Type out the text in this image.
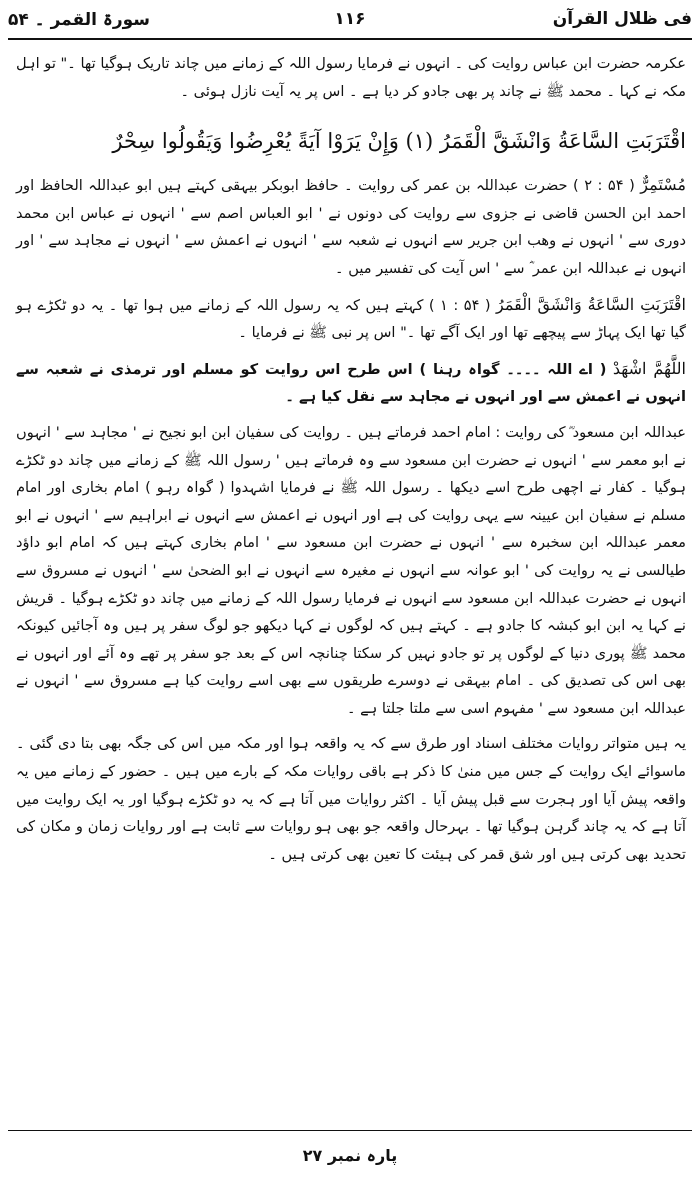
فی ظلال القرآن
۱۱۶
سورۃ القمر ۔ ۵۴

عکرمہ حضرت ابن عباس روایت کی ۔ انہوں نے فرمایا رسول اللہ کے زمانے میں چاند تاریک ہوگیا تھا ۔" تو اہل مکہ نے کہا ۔ محمد ﷺ نے چاند پر بھی جادو کر دیا ہے ۔ اس پر یہ آیت نازل ہوئی ۔

اقْتَرَبَتِ السَّاعَةُ وَانْشَقَّ الْقَمَرُ (۱) وَإِنْ يَرَوْا آيَةً يُعْرِضُوا وَيَقُولُوا سِحْرٌ

مُسْتَمِرٌّ ( ۵۴ : ۲ ) حضرت عبداللہ بن عمر کی روایت ۔ حافظ ابوبکر بیہقی کہتے ہیں ابو عبداللہ الحافظ اور احمد ابن الحسن قاضی نے جزوی سے روایت کی دونوں نے ' ابو العباس اصم سے ' انہوں نے عباس ابن محمد دوری سے ' انہوں نے وھب ابن جریر سے انہوں نے شعبہ سے ' انہوں نے اعمش سے ' انہوں نے مجاہد سے ' اور انہوں نے عبداللہ ابن عمر ؓ سے ' اس آیت کی تفسیر میں ۔

اقْتَرَبَتِ السَّاعَةُ وَانْشَقَّ الْقَمَرُ ( ۵۴ : ۱ ) کہتے ہیں کہ یہ رسول اللہ کے زمانے میں ہوا تھا ۔ یہ دو ٹکڑے ہو گیا تھا ایک پہاڑ سے پیچھے تھا اور ایک آگے تھا ۔" اس پر نبی ﷺ نے فرمایا ۔

اللَّهُمَّ اشْهَدْ ( اے اللہ ۔۔۔۔ گواہ رہنا ) اس طرح اس روایت کو مسلم اور ترمذی نے شعبہ سے انہوں نے اعمش سے اور انہوں نے مجاہد سے نقل کیا ہے ۔

عبداللہ ابن مسعود ؓ کی روایت : امام احمد فرماتے ہیں ۔ روایت کی سفیان ابن ابو نجیح نے ' مجاہد سے ' انہوں نے ابو معمر سے ' انہوں نے حضرت ابن مسعود سے وہ فرماتے ہیں ' رسول اللہ ﷺ کے زمانے میں چاند دو ٹکڑے ہوگیا ۔ کفار نے اچھی طرح اسے دیکھا ۔ رسول اللہ ﷺ نے فرمایا اشہدوا ( گواہ رہو ) امام بخاری اور امام مسلم نے سفیان ابن عیینہ سے یہی روایت کی ہے اور انہوں نے اعمش سے انہوں نے ابراہیم سے ' انہوں نے ابو معمر عبداللہ ابن سخبرہ سے ' انہوں نے حضرت ابن مسعود سے ' امام بخاری کہتے ہیں کہ امام ابو داؤد طیالسی نے یہ روایت کی ' ابو عوانہ سے انہوں نے مغیرہ سے انہوں نے ابو الضحیٰ سے ' انہوں نے مسروق سے انہوں نے حضرت عبداللہ ابن مسعود سے انہوں نے فرمایا رسول اللہ کے زمانے میں چاند دو ٹکڑے ہوگیا ۔ قریش نے کہا یہ ابن ابو کبشہ کا جادو ہے ۔ کہتے ہیں کہ لوگوں نے کہا دیکھو جو لوگ سفر پر ہیں وہ آجائیں کیونکہ محمد ﷺ پوری دنیا کے لوگوں پر تو جادو نہیں کر سکتا چنانچہ اس کے بعد جو سفر پر تھے وہ آئے اور انہوں نے بھی اس کی تصدیق کی ۔ امام بیہقی نے دوسرے طریقوں سے بھی اسے روایت کیا ہے مسروق سے ' انہوں نے عبداللہ ابن مسعود سے ' مفہوم اسی سے ملتا جلتا ہے ۔

یہ ہیں متواتر روایات مختلف اسناد اور طرق سے کہ یہ واقعہ ہوا اور مکہ میں اس کی جگہ بھی بتا دی گئی ۔ ماسوائے ایک روایت کے جس میں منیٰ کا ذکر ہے باقی روایات مکہ کے بارے میں ہیں ۔ حضور کے زمانے میں یہ واقعہ پیش آیا اور ہجرت سے قبل پیش آیا ۔ اکثر روایات میں آتا ہے کہ یہ دو ٹکڑے ہوگیا اور یہ ایک روایت میں آتا ہے کہ یہ چاند گرہن ہوگیا تھا ۔ بہرحال واقعہ جو بھی ہو روایات سے ثابت ہے اور روایات زمان و مکان کی تحدید بھی کرتی ہیں اور شق قمر کی ہیئت کا تعین بھی کرتی ہیں ۔

پارہ نمبر ۲۷
